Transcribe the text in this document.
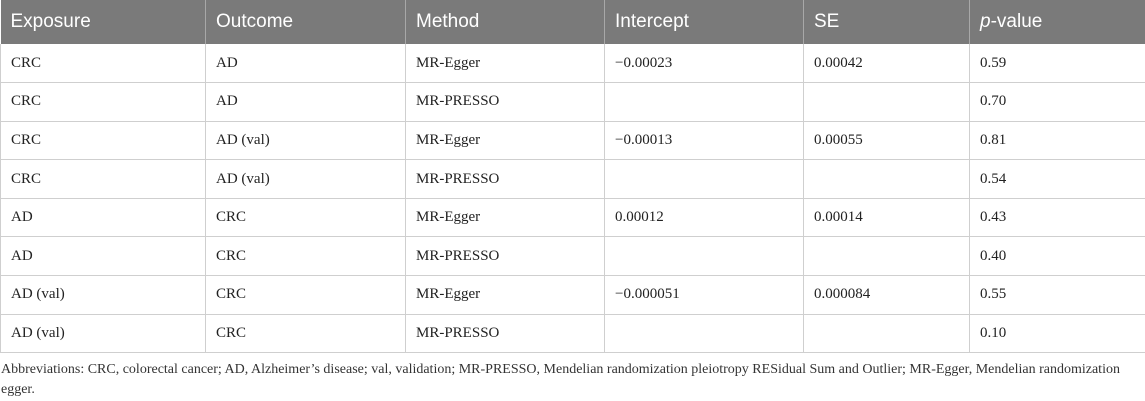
Exposure	Outcome	Method	Intercept	SE	p-value
CRC	AD	MR-Egger	−0.00023	0.00042	0.59
CRC	AD	MR-PRESSO			0.70
CRC	AD (val)	MR-Egger	−0.00013	0.00055	0.81
CRC	AD (val)	MR-PRESSO			0.54
AD	CRC	MR-Egger	0.00012	0.00014	0.43
AD	CRC	MR-PRESSO			0.40
AD (val)	CRC	MR-Egger	−0.000051	0.000084	0.55
AD (val)	CRC	MR-PRESSO			0.10
Abbreviations: CRC, colorectal cancer; AD, Alzheimer’s disease; val, validation; MR-PRESSO, Mendelian randomization pleiotropy RESidual Sum and Outlier; MR-Egger, Mendelian randomization egger.
